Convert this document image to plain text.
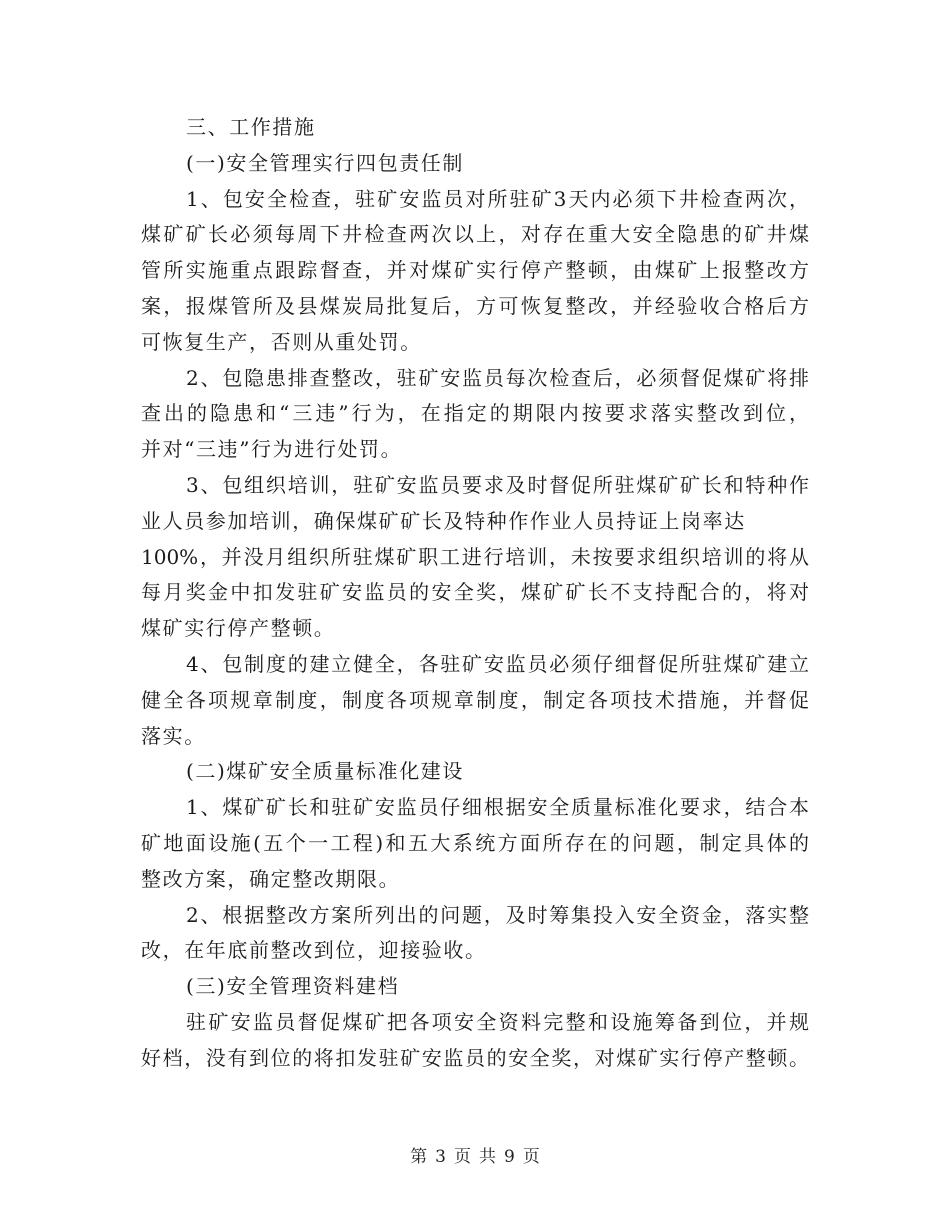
三、工作措施
(一)安全管理实行四包责任制
1、包安全检查，驻矿安监员对所驻矿3天内必须下井检查两次，
煤矿矿长必须每周下井检查两次以上，对存在重大安全隐患的矿井煤
管所实施重点跟踪督查，并对煤矿实行停产整顿，由煤矿上报整改方
案，报煤管所及县煤炭局批复后，方可恢复整改，并经验收合格后方
可恢复生产，否则从重处罚。
2、包隐患排查整改，驻矿安监员每次检查后，必须督促煤矿将排
查出的隐患和“三违”行为，在指定的期限内按要求落实整改到位，
并对“三违”行为进行处罚。
3、包组织培训，驻矿安监员要求及时督促所驻煤矿矿长和特种作
业人员参加培训，确保煤矿矿长及特种作作业人员持证上岗率达
100%，并没月组织所驻煤矿职工进行培训，未按要求组织培训的将从
每月奖金中扣发驻矿安监员的安全奖，煤矿矿长不支持配合的，将对
煤矿实行停产整顿。
4、包制度的建立健全，各驻矿安监员必须仔细督促所驻煤矿建立
健全各项规章制度，制度各项规章制度，制定各项技术措施，并督促
落实。
(二)煤矿安全质量标准化建设
1、煤矿矿长和驻矿安监员仔细根据安全质量标准化要求，结合本
矿地面设施(五个一工程)和五大系统方面所存在的问题，制定具体的
整改方案，确定整改期限。
2、根据整改方案所列出的问题，及时筹集投入安全资金，落实整
改，在年底前整改到位，迎接验收。
(三)安全管理资料建档
驻矿安监员督促煤矿把各项安全资料完整和设施筹备到位，并规
好档，没有到位的将扣发驻矿安监员的安全奖，对煤矿实行停产整顿。
第 3 页 共 9 页
